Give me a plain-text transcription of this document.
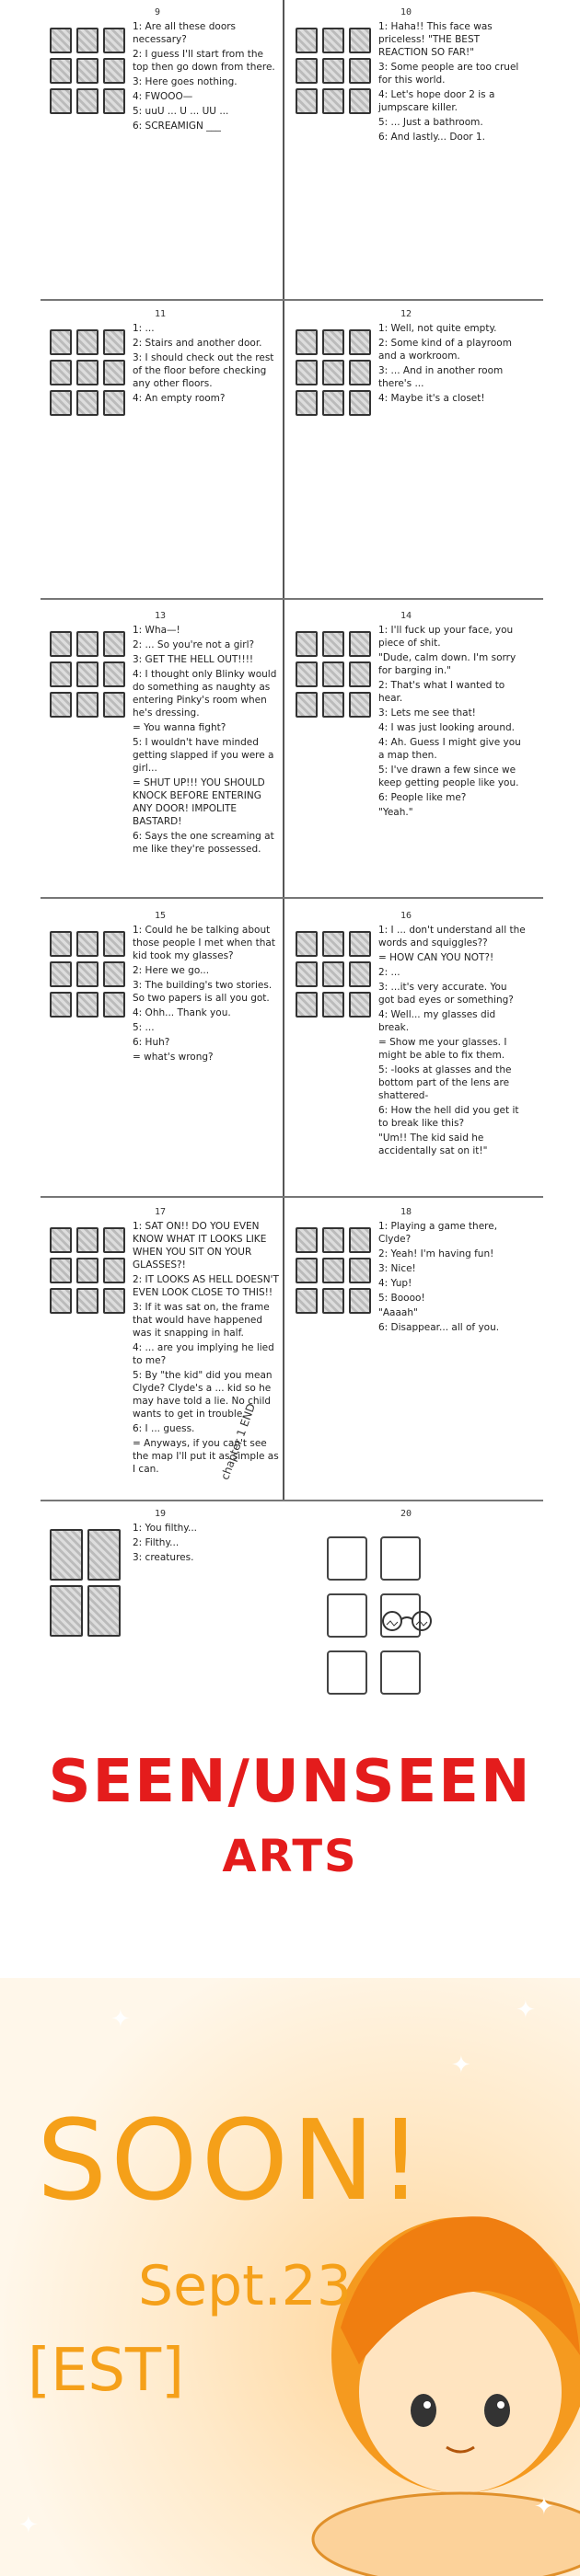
9
1: Are all these doors necessary?
2: I guess I'll start from the top then go down from there.
3: Here goes nothing.
4: FWOOO—
5: uuU ... U ... UU ...
6: SCREAMIGN ___
10
1: Haha!! This face was priceless! "THE BEST REACTION SO FAR!"
3: Some people are too cruel for this world.
4: Let's hope door 2 is a jumpscare killer.
5: ... Just a bathroom.
6: And lastly... Door 1.
11
1: ...
2: Stairs and another door.
3: I should check out the rest of the floor before checking any other floors.
4: An empty room?
12
1: Well, not quite empty.
2: Some kind of a playroom and a workroom.
3: ... And in another room there's ...
4: Maybe it's a closet!
13
1: Wha—!
2: ... So you're not a girl?
3: GET THE HELL OUT!!!!
4: I thought only Blinky would do something as naughty as entering Pinky's room when he's dressing.
= You wanna fight?
5: I wouldn't have minded getting slapped if you were a girl...
= SHUT UP!!! YOU SHOULD KNOCK BEFORE ENTERING ANY DOOR! IMPOLITE BASTARD!
6: Says the one screaming at me like they're possessed.
14
1: I'll fuck up your face, you piece of shit.
"Dude, calm down. I'm sorry for barging in."
2: That's what I wanted to hear.
3: Lets me see that!
4: I was just looking around.
4: Ah. Guess I might give you a map then.
5: I've drawn a few since we keep getting people like you.
6: People like me?
"Yeah."
15
1: Could he be talking about those people I met when that kid took my glasses?
2: Here we go...
3: The building's two stories. So two papers is all you got.
4: Ohh... Thank you.
5: ...
6: Huh?
= what's wrong?
16
1: I ... don't understand all the words and squiggles??
= HOW CAN YOU NOT?!
2: ...
3: ...it's very accurate. You got bad eyes or something?
4: Well... my glasses did break.
= Show me your glasses. I might be able to fix them.
5: -looks at glasses and the bottom part of the lens are shattered-
6: How the hell did you get it to break like this?
"Um!! The kid said he accidentally sat on it!"
17
1: SAT ON!! DO YOU EVEN KNOW WHAT IT LOOKS LIKE WHEN YOU SIT ON YOUR GLASSES?!
2: IT LOOKS AS HELL DOESN'T EVEN LOOK CLOSE TO THIS!!
3: If it was sat on, the frame that would have happened was it snapping in half.
4: ... are you implying he lied to me?
5: By "the kid" did you mean Clyde? Clyde's a ... kid so he may have told a lie. No child wants to get in trouble.
6: I ... guess.
= Anyways, if you can't see the map I'll put it as simple as I can.
18
1: Playing a game there, Clyde?
2: Yeah! I'm having fun!
3: Nice!
4: Yup!
5: Boooo!
"Aaaah"
6: Disappear... all of you.
19
1: You filthy...
2: Filthy...
3: creatures.
20
chapter 1 END
SEEN/UNSEEN
ARTS
✦	✦
✦
✦
✦
SOON!
Sept.23
[EST]
